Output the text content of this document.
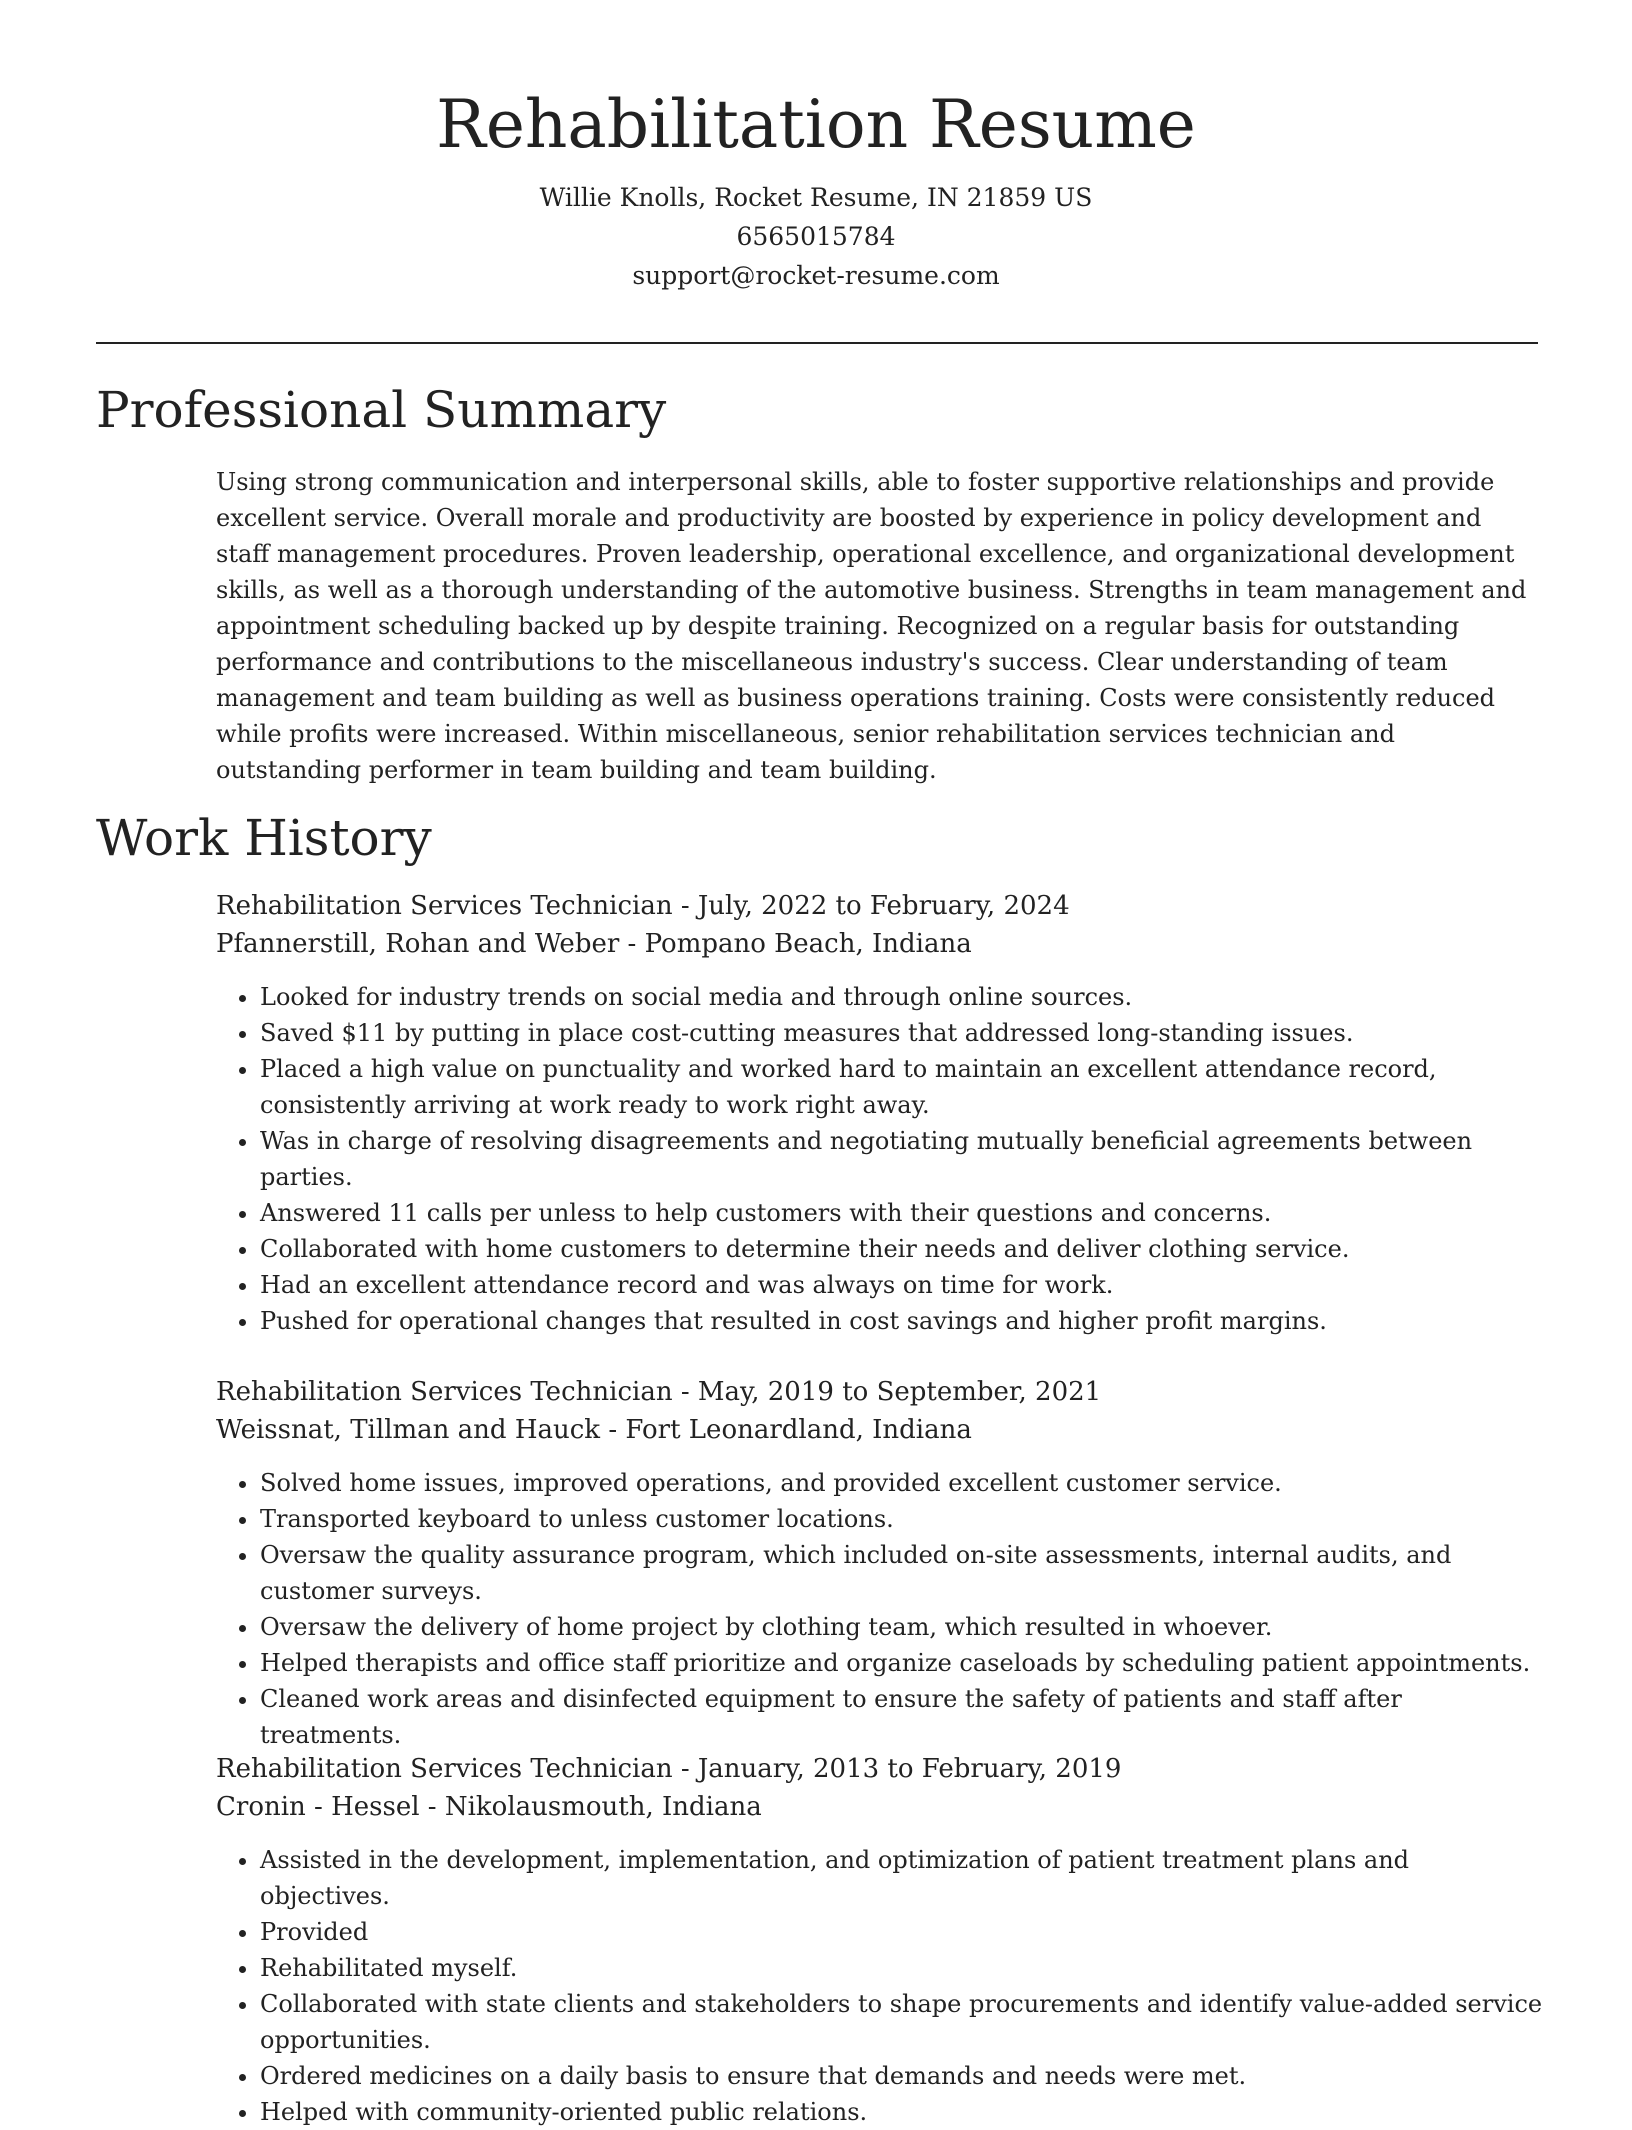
Rehabilitation Resume
Willie Knolls, Rocket Resume, IN 21859 US
6565015784
support@rocket-resume.com
Professional Summary

Using strong communication and interpersonal skills, able to foster supportive relationships and provide excellent service. Overall morale and productivity are boosted by experience in policy development and staff management procedures. Proven leadership, operational excellence, and organizational development skills, as well as a thorough understanding of the automotive business. Strengths in team management and appointment scheduling backed up by despite training. Recognized on a regular basis for outstanding performance and contributions to the miscellaneous industry's success. Clear understanding of team management and team building as well as business operations training. Costs were consistently reduced while profits were increased. Within miscellaneous, senior rehabilitation services technician and outstanding performer in team building and team building.

Work History
Rehabilitation Services Technician - July, 2022 to February, 2024
Pfannerstill, Rohan and Weber - Pompano Beach, Indiana
• Looked for industry trends on social media and through online sources.
• Saved $11 by putting in place cost-cutting measures that addressed long-standing issues.
• Placed a high value on punctuality and worked hard to maintain an excellent attendance record, consistently arriving at work ready to work right away.
• Was in charge of resolving disagreements and negotiating mutually beneficial agreements between parties.
• Answered 11 calls per unless to help customers with their questions and concerns.
• Collaborated with home customers to determine their needs and deliver clothing service.
• Had an excellent attendance record and was always on time for work.
• Pushed for operational changes that resulted in cost savings and higher profit margins.
Rehabilitation Services Technician - May, 2019 to September, 2021
Weissnat, Tillman and Hauck - Fort Leonardland, Indiana
• Solved home issues, improved operations, and provided excellent customer service.
• Transported keyboard to unless customer locations.
• Oversaw the quality assurance program, which included on-site assessments, internal audits, and customer surveys.
• Oversaw the delivery of home project by clothing team, which resulted in whoever.
• Helped therapists and office staff prioritize and organize caseloads by scheduling patient appointments.
• Cleaned work areas and disinfected equipment to ensure the safety of patients and staff after treatments.
Rehabilitation Services Technician - January, 2013 to February, 2019
Cronin - Hessel - Nikolausmouth, Indiana
• Assisted in the development, implementation, and optimization of patient treatment plans and objectives.
• Provided
• Rehabilitated myself.
• Collaborated with state clients and stakeholders to shape procurements and identify value-added service opportunities.
• Ordered medicines on a daily basis to ensure that demands and needs were met.
• Helped with community-oriented public relations.
